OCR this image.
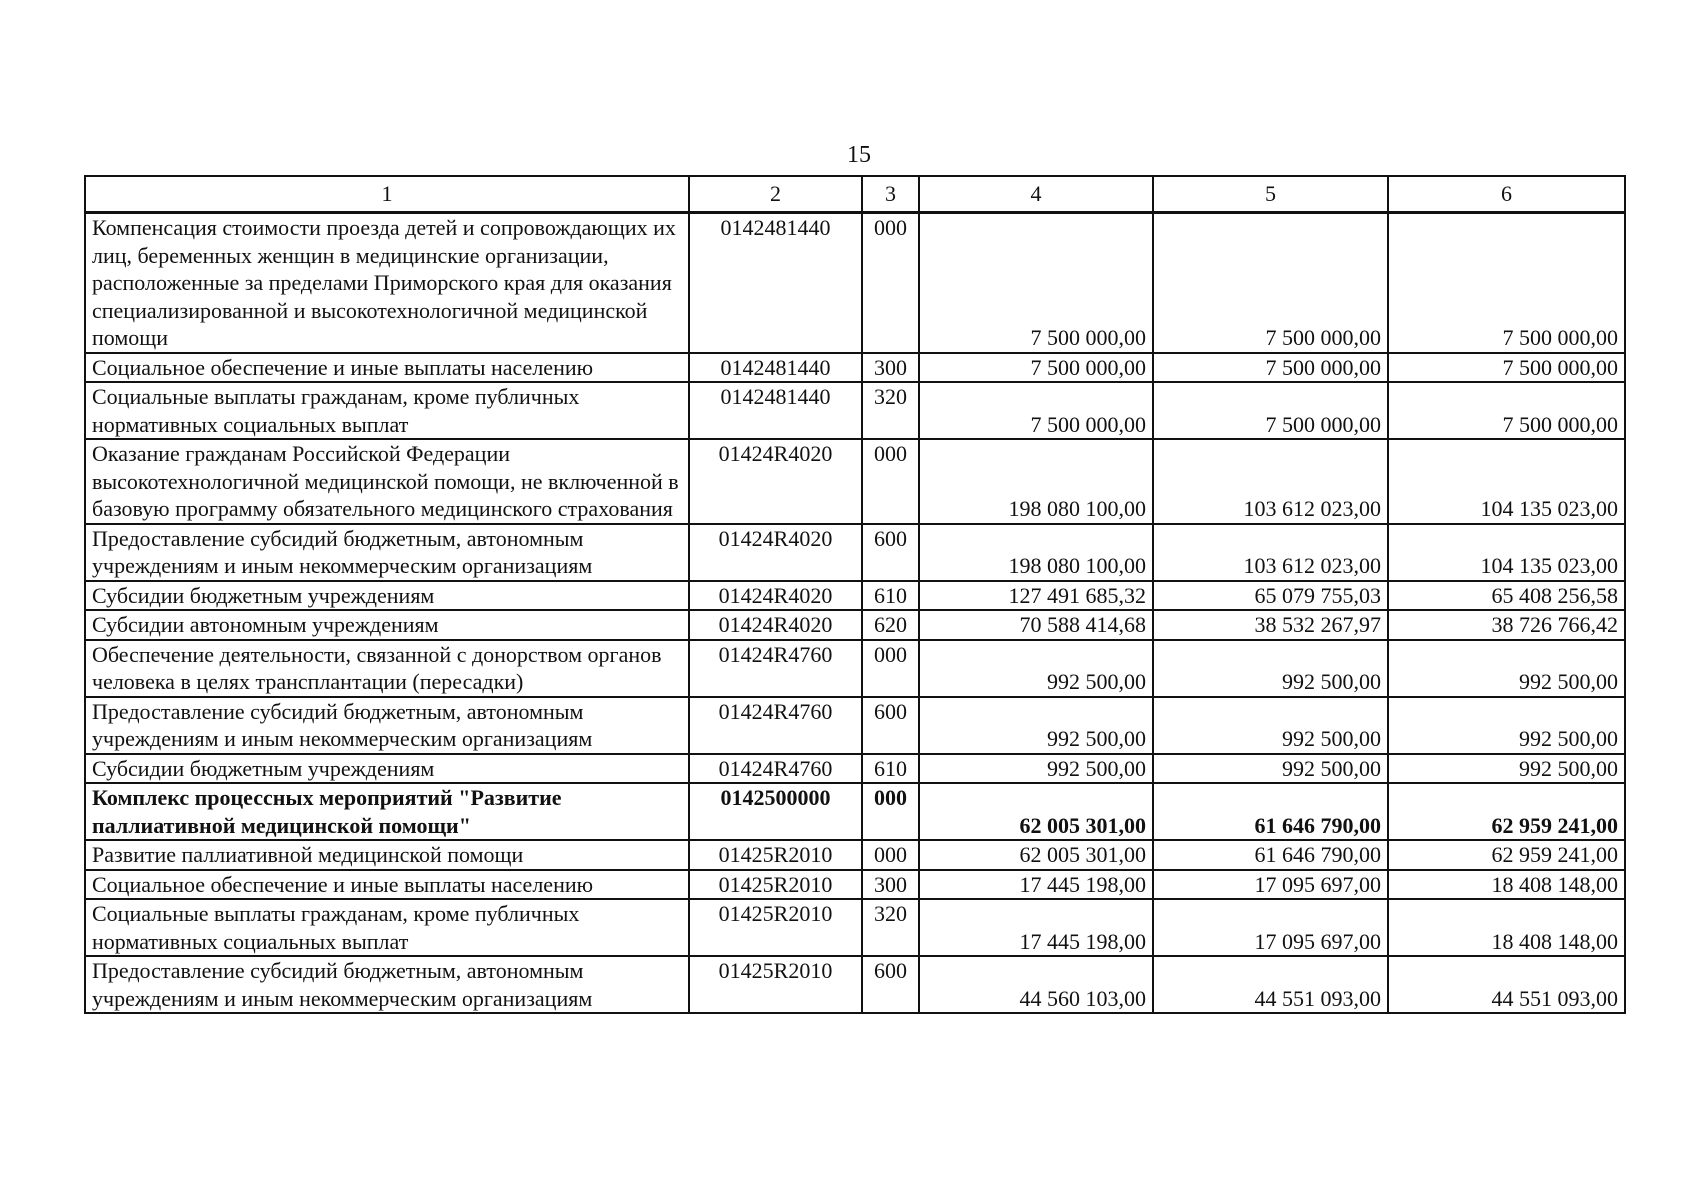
15
1	2	3	4	5	6
Компенсация стоимости проезда детей и сопровождающих их лиц, беременных женщин в медицинские организации, расположенные за пределами Приморского края для оказания специализированной и высокотехнологичной медицинской помощи	0142481440	000	7 500 000,00	7 500 000,00	7 500 000,00
Социальное обеспечение и иные выплаты населению	0142481440	300	7 500 000,00	7 500 000,00	7 500 000,00
Социальные выплаты гражданам, кроме публичных нормативных социальных выплат	0142481440	320	7 500 000,00	7 500 000,00	7 500 000,00
Оказание гражданам Российской Федерации высокотехнологичной медицинской помощи, не включенной в базовую программу обязательного медицинского страхования	01424R4020	000	198 080 100,00	103 612 023,00	104 135 023,00
Предоставление субсидий бюджетным, автономным учреждениям и иным некоммерческим организациям	01424R4020	600	198 080 100,00	103 612 023,00	104 135 023,00
Субсидии бюджетным учреждениям	01424R4020	610	127 491 685,32	65 079 755,03	65 408 256,58
Субсидии автономным учреждениям	01424R4020	620	70 588 414,68	38 532 267,97	38 726 766,42
Обеспечение деятельности, связанной с донорством органов человека в целях трансплантации (пересадки)	01424R4760	000	992 500,00	992 500,00	992 500,00
Предоставление субсидий бюджетным, автономным учреждениям и иным некоммерческим организациям	01424R4760	600	992 500,00	992 500,00	992 500,00
Субсидии бюджетным учреждениям	01424R4760	610	992 500,00	992 500,00	992 500,00
Комплекс процессных мероприятий "Развитие паллиативной медицинской помощи"	0142500000	000	62 005 301,00	61 646 790,00	62 959 241,00
Развитие паллиативной медицинской помощи	01425R2010	000	62 005 301,00	61 646 790,00	62 959 241,00
Социальное обеспечение и иные выплаты населению	01425R2010	300	17 445 198,00	17 095 697,00	18 408 148,00
Социальные выплаты гражданам, кроме публичных нормативных социальных выплат	01425R2010	320	17 445 198,00	17 095 697,00	18 408 148,00
Предоставление субсидий бюджетным, автономным учреждениям и иным некоммерческим организациям	01425R2010	600	44 560 103,00	44 551 093,00	44 551 093,00
